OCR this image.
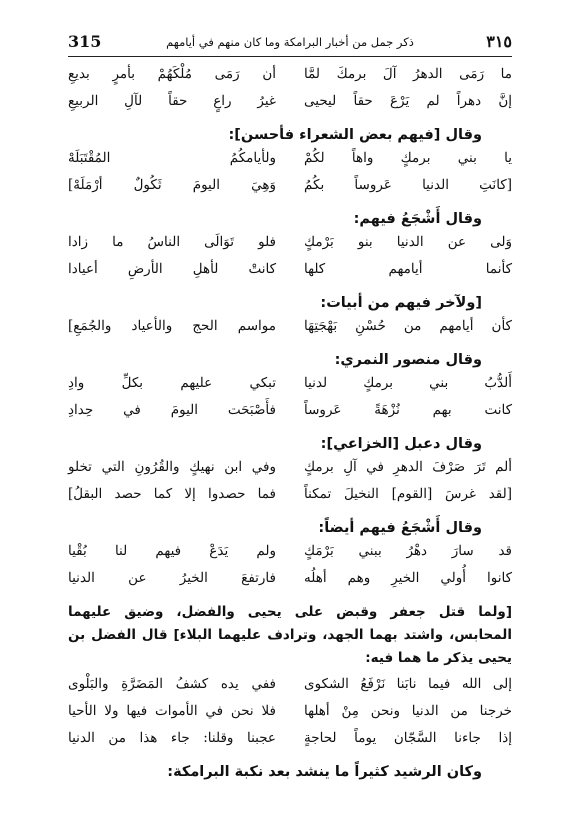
315	ذكر جمل من أخبار البرامكة وما كان منهم في أيامهم	٣١٥
ما رَمَى الدهرُ آلَ برمكَ لمَّا
أن رَمَى مُلْكَهُمْ بأمرٍ بديعِ
إنَّ دهراً لم يَرْعَ حقاً ليحيى
غيرُ راعٍ حقاً لآلِ الربيعِ
وقال [فيهم بعض الشعراء فأحسن]:
يا بني برمكٍ واهاً لكُمْ
ولأيامكُمُ المُقْتَبَلَهْ
[كانَتِ الدنيا عَروساً بكُمُ
وَهِيَ اليومَ ثَكُولٌ أرْمَلَهْ]
وقال أَشْجَعُ فيهم:
وَلى عن الدنيا بنو بَرْمكٍ
فلو تَوَالَى الناسُ ما زادا
كأنما أيامهم كلها
كانتْ لأهلِ الأرضِ أعيادا
[ولآخر فيهم من أبيات:
كأن أيامهم من حُسْنِ بَهْجَتِهَا
مواسم الحج والأعياد والجُمَعِ]
وقال منصور النمري:
أَلدُّبُ بني برمكٍ لدنيا
تبكي عليهم بكلِّ وادِ
كانت بهم نُزْهَةً عَروساً
فأَصْبَحَت اليومَ في حِدادِ
وقال دعبل [الخزاعي]:
ألم تَرَ صَرْفَ الدهرِ في آلِ برمكٍ
وفي ابن نهيكٍ والقُرُونِ التي تخلو
[لقد غرسَ [القوم] النخيلَ تمكناً
فما حصدوا إلا كما حصد البقلُ]
وقال أَشْجَعُ فيهم أيضاً:
قد سارَ دهْرُ ببني بَرْمَكٍ
ولم يَدَعْ فيهم لنا بُقْيا
كانوا أُولي الخيرِ وهم أهلُه
فارتفعَ الخيرُ عن الدنيا
[ولما قتل جعفر وقبض على يحيى والفضل، وضيق عليهما المحابس، واشتد بهما الجهد، وترادف عليهما البلاء] قال الفضل بن يحيى يذكر ما هما فيه:
إلى الله فيما نابَنا نَرْفَعُ الشكوى
ففي يده كشفُ المَضَرَّةِ والبَلْوى
خرجنا من الدنيا ونحن مِنْ أهلها
فلا نحن في الأموات فيها ولا الأحيا
إذا جاءنا السَّجّان يوماً لحاجةٍ
عجبنا وقلنا: جاء هذا من الدنيا
وكان الرشيد كثيراً ما ينشد بعد نكبة البرامكة:
